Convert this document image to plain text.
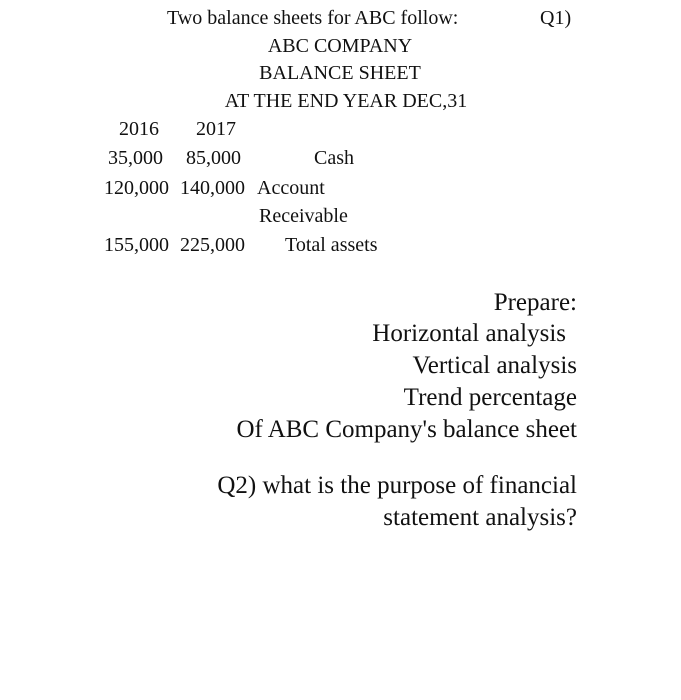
Two balance sheets for ABC follow:	Q1)
ABC COMPANY
BALANCE SHEET
AT THE END YEAR DEC,31
2016 2017
35,000 85,000	Cash
120,000 140,000 Account
Receivable
155,000 225,000 Total assets
Prepare:
Horizontal analysis
Vertical analysis
Trend percentage
Of ABC Company's balance sheet
Q2) what is the purpose of financial
statement analysis?
